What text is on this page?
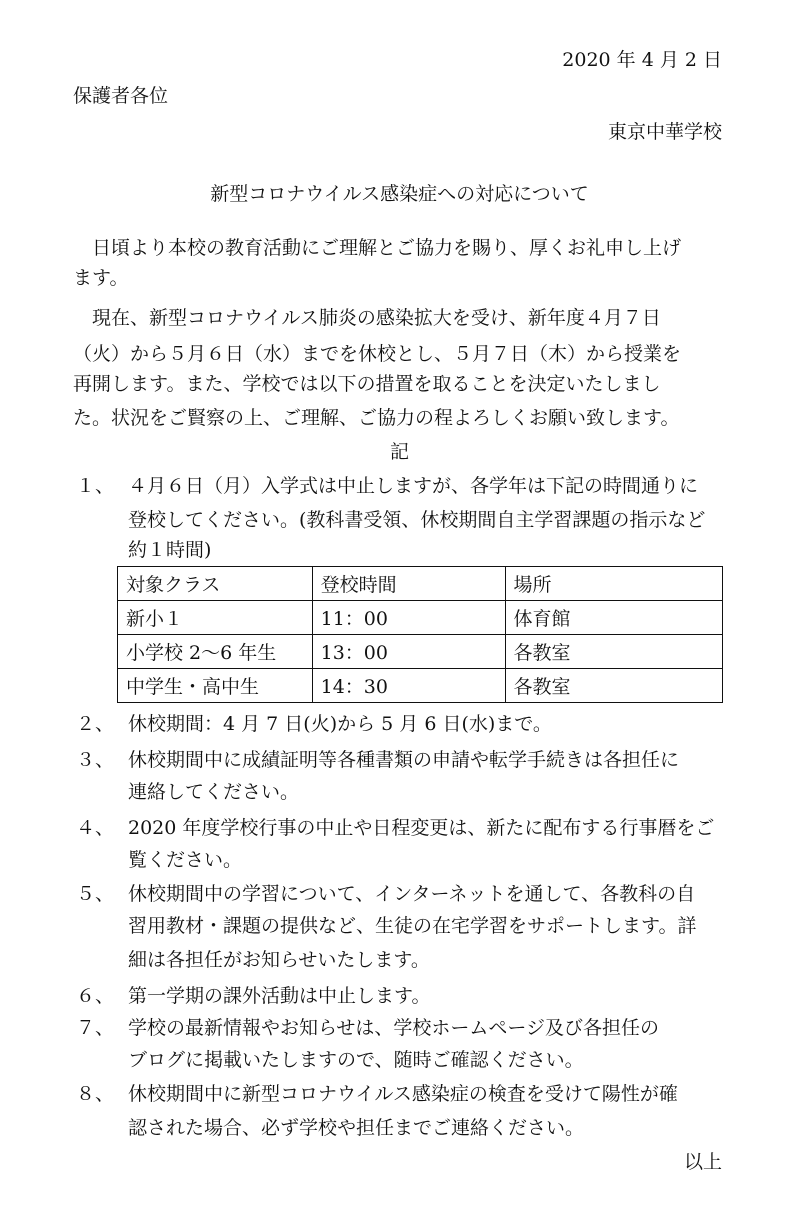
2020 年 4 月 2 日
保護者各位
東京中華学校
新型コロナウイルス感染症への対応について
　日頃より本校の教育活動にご理解とご協力を賜り、厚くお礼申し上げ
ます。
　現在、新型コロナウイルス肺炎の感染拡大を受け、新年度４月７日
（火）から５月６日（水）までを休校とし、５月７日（木）から授業を
再開します。また、学校では以下の措置を取ることを決定いたしまし
た。状況をご賢察の上、ご理解、ご協力の程よろしくお願い致します。
記
１、 ４月６日（月）入学式は中止しますが、各学年は下記の時間通りに
登校してください。(教科書受領、休校期間自主学習課題の指示など
約１時間)
対象クラス	登校時間	場所
新小１	11：00	体育館
小学校 2〜6 年生	13：00	各教室
中学生・高中生	14：30	各教室
２、 休校期間：4 月 7 日(火)から 5 月 6 日(水)まで。
３、 休校期間中に成績証明等各種書類の申請や転学手続きは各担任に
連絡してください。
４、 2020 年度学校行事の中止や日程変更は、新たに配布する行事暦をご
覧ください。
５、 休校期間中の学習について、インターネットを通して、各教科の自
習用教材・課題の提供など、生徒の在宅学習をサポートします。詳
細は各担任がお知らせいたします。
６、 第一学期の課外活動は中止します。
７、 学校の最新情報やお知らせは、学校ホームページ及び各担任の
ブログに掲載いたしますので、随時ご確認ください。
８、 休校期間中に新型コロナウイルス感染症の検査を受けて陽性が確
認された場合、必ず学校や担任までご連絡ください。
以上
